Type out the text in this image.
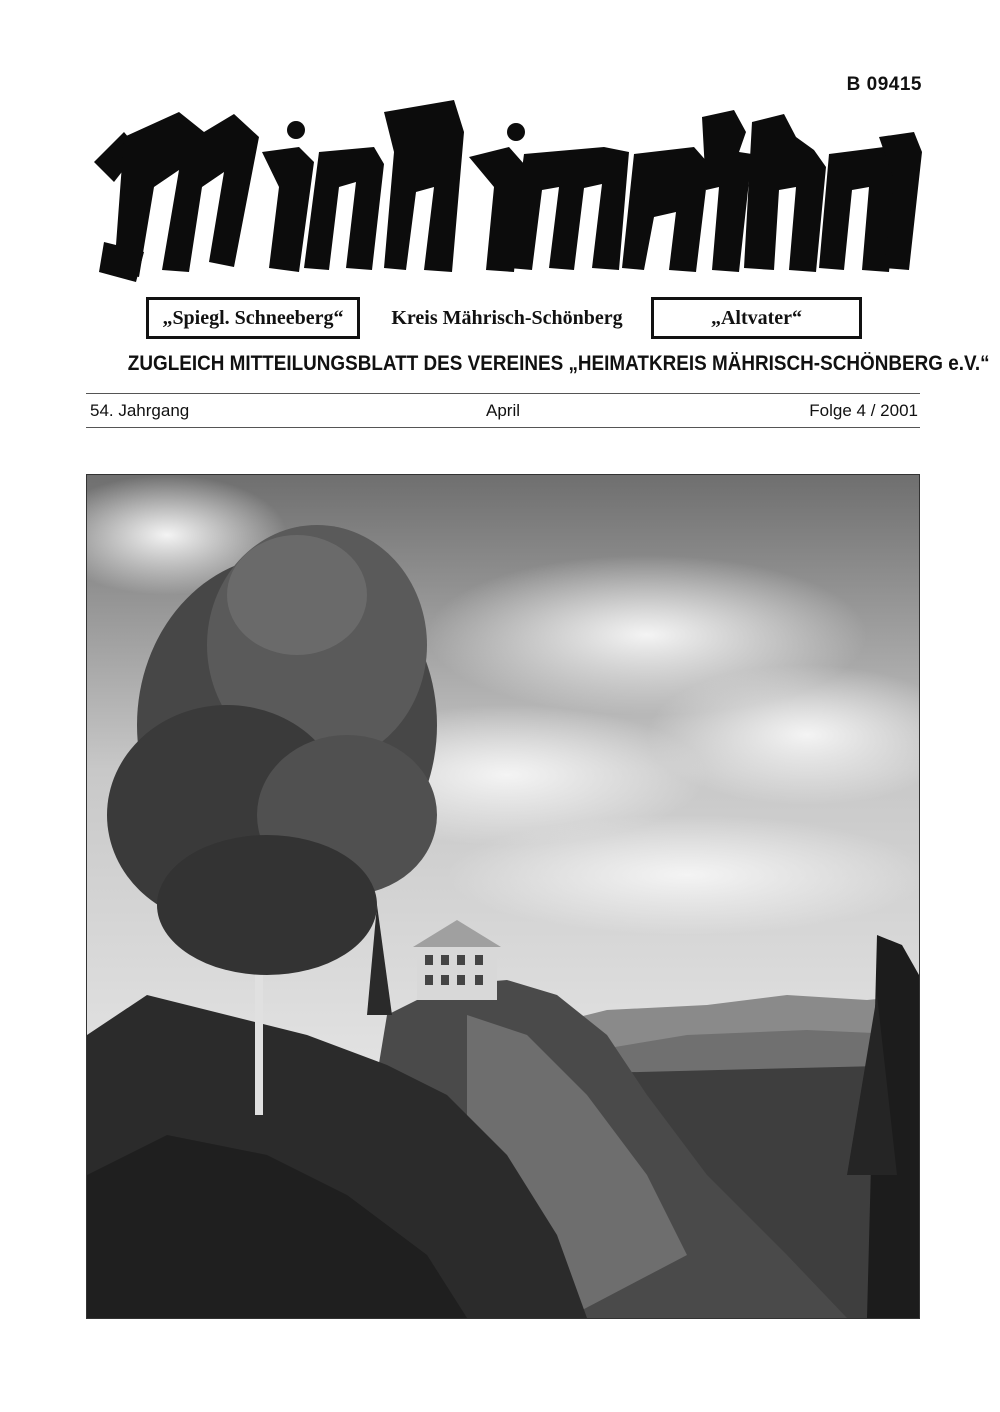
B 09415
„Spiegl. Schneeberg“	Kreis Mährisch-Schönberg	„Altvater“
ZUGLEICH MITTEILUNGSBLATT DES VEREINES „HEIMATKREIS MÄHRISCH-SCHÖNBERG e.V.“
54. Jahrgang	April	Folge 4 / 2001
